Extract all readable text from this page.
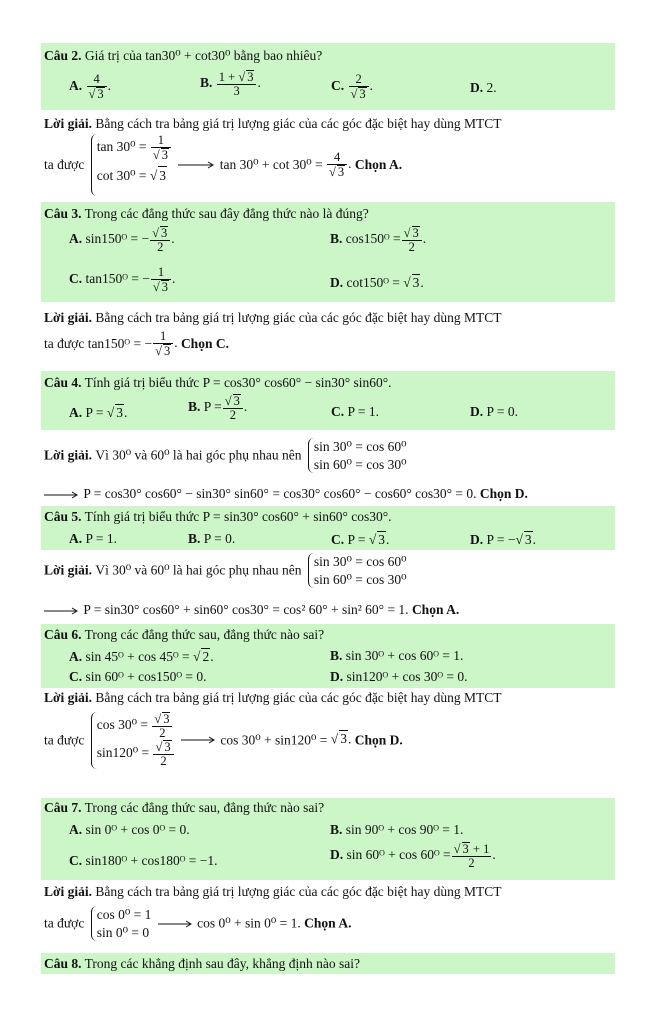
Câu 2. Giá trị của tan30⁰ + cot30⁰ bằng bao nhiêu?
A. $\frac{4}{√ 3}$ .	B. $\frac{1 + √ 3}{3}$ .	C. $\frac{2}{√ 3}$ .	D. 2.
Lời giải. Bằng cách tra bảng giá trị lượng giác của các góc đặc biệt hay dùng MTCT
ta được
$\tan 30^0 = \frac{1}{√ 3}$
cot 30⁰ = √ 3
$\tan 30^0 + \cot 30^0 = \frac{4}{√ 3}$ . Chọn A.
Câu 3. Trong các đẳng thức sau đây đẳng thức nào là đúng?
A. sin150ᴼ = − $\frac{√ 3}{2}$ .	B. cos150ᴼ = $\frac{√ 3}{2}$ .
C. tan150ᴼ = − $\frac{1}{√ 3}$ .	D. cot150ᴼ = √ 3.
Lời giải. Bằng cách tra bảng giá trị lượng giác của các góc đặc biệt hay dùng MTCT
ta được tan150ᴼ = − $\frac{1}{√ 3}$ . Chọn C.
Câu 4. Tính giá trị biểu thức P = cos30° cos60° − sin30° sin60°.
A. P = √ 3.	B. $P = \frac{√ 3}{2}$ .	C. P = 1.	D. P = 0.
Lời giải. Vì 30⁰ và 60⁰ là hai góc phụ nhau nên
sin 30⁰ = cos 60⁰
sin 60⁰ = cos 30⁰
P = cos30° cos60° − sin30° sin60° = cos30° cos60° − cos60° cos30° = 0. Chọn D.
Câu 5. Tính giá trị biểu thức P = sin30° cos60° + sin60° cos30°.
A. P = 1.	B. P = 0.	C. P = √ 3.	D. P = −√ 3.
Lời giải. Vì 30⁰ và 60⁰ là hai góc phụ nhau nên
sin 30⁰ = cos 60⁰
sin 60⁰ = cos 30⁰
P = sin30° cos60° + sin60° cos30° = cos² 60° + sin² 60° = 1. Chọn A.
Câu 6. Trong các đẳng thức sau, đẳng thức nào sai?
A. sin 45ᴼ + cos 45ᴼ = √ 2.	B. sin 30ᴼ + cos 60ᴼ = 1.
C. sin 60ᴼ + cos150ᴼ = 0.	D. sin120ᴼ + cos 30ᴼ = 0.
Lời giải. Bằng cách tra bảng giá trị lượng giác của các góc đặc biệt hay dùng MTCT
ta được
$\cos 30^0 = \frac{√ 3}{2}$
$\sin 120^0 = \frac{√ 3}{2}$
cos 30⁰ + sin120⁰ = √ 3. Chọn D.
Câu 7. Trong các đẳng thức sau, đẳng thức nào sai?
A. sin 0ᴼ + cos 0ᴼ = 0.	B. sin 90ᴼ + cos 90ᴼ = 1.
C. sin180ᴼ + cos180ᴼ = −1.	D. sin 60ᴼ + cos 60ᴼ = $\frac{√ 3 + 1}{2}$ .
Lời giải. Bằng cách tra bảng giá trị lượng giác của các góc đặc biệt hay dùng MTCT
ta được
cos 0⁰ = 1
sin 0⁰ = 0
cos 0⁰ + sin 0⁰ = 1. Chọn A.
Câu 8. Trong các khẳng định sau đây, khẳng định nào sai?
